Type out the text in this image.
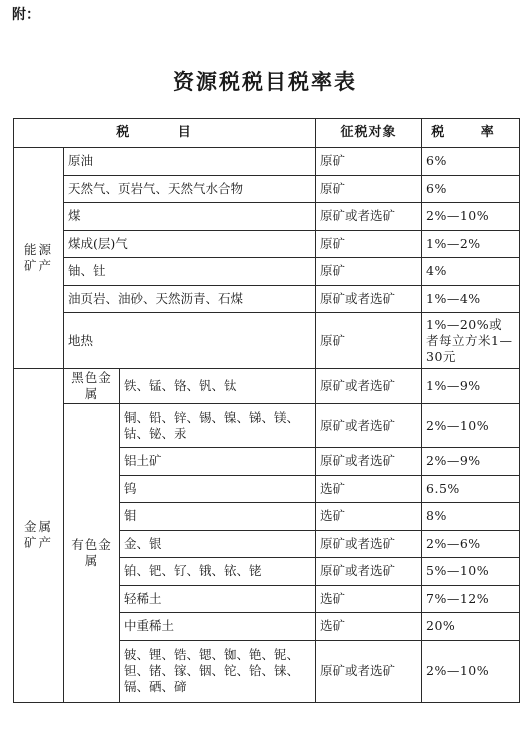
附：
资源税税目税率表
税 目			征税对象	税 率

能源
矿产	原油		原矿	6%
	天然气、页岩气、天然气水合物		原矿	6%
	煤		原矿或者选矿	2%—10%
	煤成(层)气		原矿	1%—2%
	铀、钍		原矿	4%
	油页岩、油砂、天然沥青、石煤		原矿或者选矿	1%—4%
	地热		原矿	1%—20%或者每立方米1—30元

金属
矿产	黑色金属	铁、锰、铬、钒、钛	原矿或者选矿	1%—9%
	有色金属	铜、铅、锌、锡、镍、锑、镁、钴、铋、汞	原矿或者选矿	2%—10%
		铝土矿	原矿或者选矿	2%—9%
		钨	选矿	6.5%
		钼	选矿	8%
		金、银	原矿或者选矿	2%—6%
		铂、钯、钌、锇、铱、铑	原矿或者选矿	5%—10%
		轻稀土	选矿	7%—12%
		中重稀土	选矿	20%
		铍、锂、锆、锶、铷、铯、铌、钽、锗、镓、铟、铊、铪、铼、镉、硒、碲	原矿或者选矿	2%—10%
